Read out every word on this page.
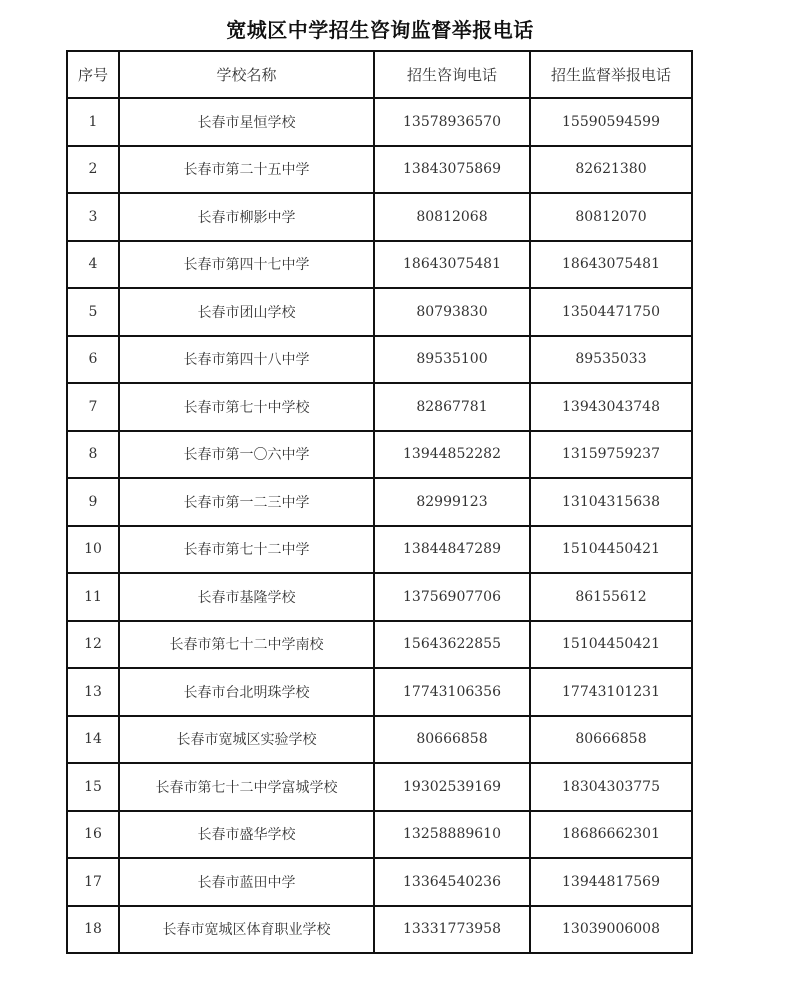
宽城区中学招生咨询监督举报电话
序号	学校名称	招生咨询电话	招生监督举报电话
1	长春市星恒学校	13578936570	15590594599
2	长春市第二十五中学	13843075869	82621380
3	长春市柳影中学	80812068	80812070
4	长春市第四十七中学	18643075481	18643075481
5	长春市团山学校	80793830	13504471750
6	长春市第四十八中学	89535100	89535033
7	长春市第七十中学校	82867781	13943043748
8	长春市第一〇六中学	13944852282	13159759237
9	长春市第一二三中学	82999123	13104315638
10	长春市第七十二中学	13844847289	15104450421
11	长春市基隆学校	13756907706	86155612
12	长春市第七十二中学南校	15643622855	15104450421
13	长春市台北明珠学校	17743106356	17743101231
14	长春市宽城区实验学校	80666858	80666858
15	长春市第七十二中学富城学校	19302539169	18304303775
16	长春市盛华学校	13258889610	18686662301
17	长春市蓝田中学	13364540236	13944817569
18	长春市宽城区体育职业学校	13331773958	13039006008
